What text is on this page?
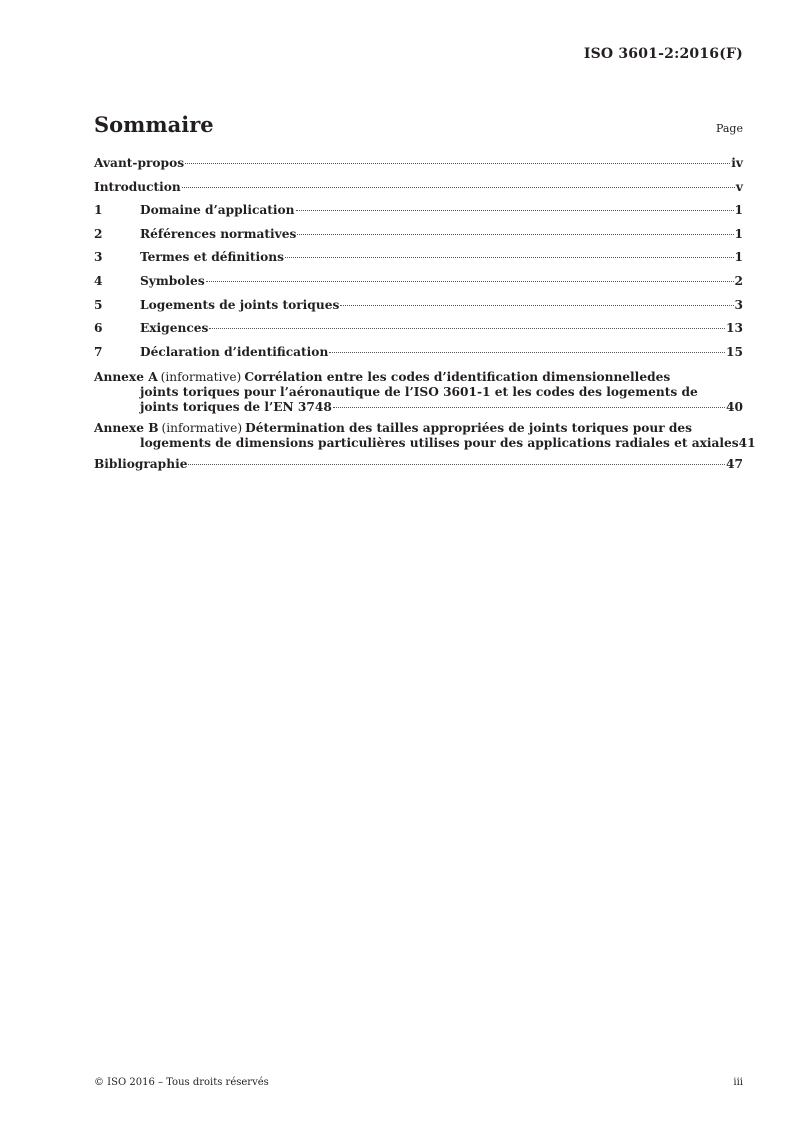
ISO 3601-2:2016(F)
Sommaire	Page
Avant-propos	iv
Introduction	v
1	Domaine d’application	1
2	Références normatives	1
3	Termes et définitions	1
4	Symboles	2
5	Logements de joints toriques	3
6	Exigences	13
7	Déclaration d’identification	15
Annexe A (informative) Corrélation entre les codes d’identification dimensionnelledes
joints toriques pour l’aéronautique de l’ISO 3601-1 et les codes des logements de
joints toriques de l’EN 3748	40
Annexe B (informative) Détermination des tailles appropriées de joints toriques pour des
logements de dimensions particulières utilises pour des applications radiales et axiales 41
Bibliographie	47
© ISO 2016 – Tous droits réservés	iii
